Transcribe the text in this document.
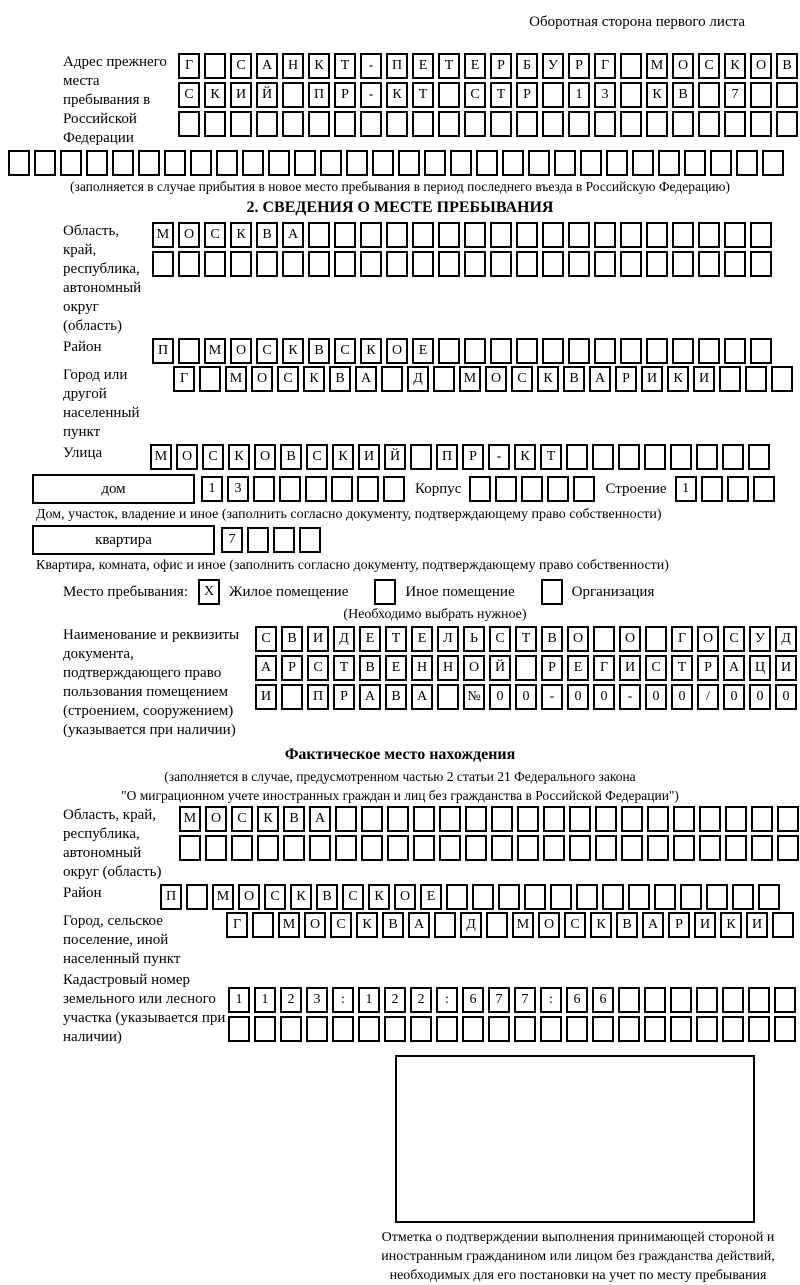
Оборотная сторона первого листа
Адрес прежнего места пребывания в Российской Федерации
Г	С	А	Н	К	Т	-	П	Е	Т	Е	Р	Б	У	Р	Г	М	О	С	К	О	В
С	К	И	Й	П	Р	-	К	Т	С	Т	Р	1	3	К	В	7
(заполняется в случае прибытия в новое место пребывания в период последнего въезда в Российскую Федерацию)
2. СВЕДЕНИЯ О МЕСТЕ ПРЕБЫВАНИЯ
Область, край, республика, автономный округ (область)
М	О	С	К	В	А
Район	П	М	О	С	К	В	С	К	О	Е
Город или другой населенный пункт
Г	М	О	С	К	В	А	Д	М	О	С	К	В	А	Р	И	К	И
Улица	М	О	С	К	О	В	С	К	И	Й	П	Р	-	К	Т
дом	1	3	Корпус	Строение	1
Дом, участок, владение и иное (заполнить согласно документу, подтверждающему право собственности)
квартира	7
Квартира, комната, офис и иное (заполнить согласно документу, подтверждающему право собственности)
Место пребывания:	X Жилое помещение	Иное помещение	Организация
(Необходимо выбрать нужное)
Наименование и реквизиты документа, подтверждающего право пользования помещением (строением, сооружением) (указывается при наличии)
С	В	И	Д	Е	Т	Е	Л	Ь	С	Т	В	О	О	Г	О	С	У	Д
А	Р	С	Т	В	Е	Н	Н	О	Й	Р	Е	Г	И	С	Т	Р	А	Ц	И
И	П	Р	А	В	А	№	0	0	-	0	0	-	0	0	/	0	0	0
Фактическое место нахождения
(заполняется в случае, предусмотренном частью 2 статьи 21 Федерального закона
"О миграционном учете иностранных граждан и лиц без гражданства в Российской Федерации")
Область, край, республика, автономный округ (область)
М	О	С	К	В	А
Район	П	М	О	С	К	В	С	К	О	Е
Город, сельское поселение, иной населенный пункт
Г	М	О	С	К	В	А	Д	М	О	С	К	В	А	Р	И	К	И
Кадастровый номер земельного или лесного участка (указывается при наличии)
1	1	2	3	:	1	2	2	:	6	7	7	:	6	6
Отметка о подтверждении выполнения принимающей стороной и иностранным гражданином или лицом без гражданства действий, необходимых для его постановки на учет по месту пребывания
